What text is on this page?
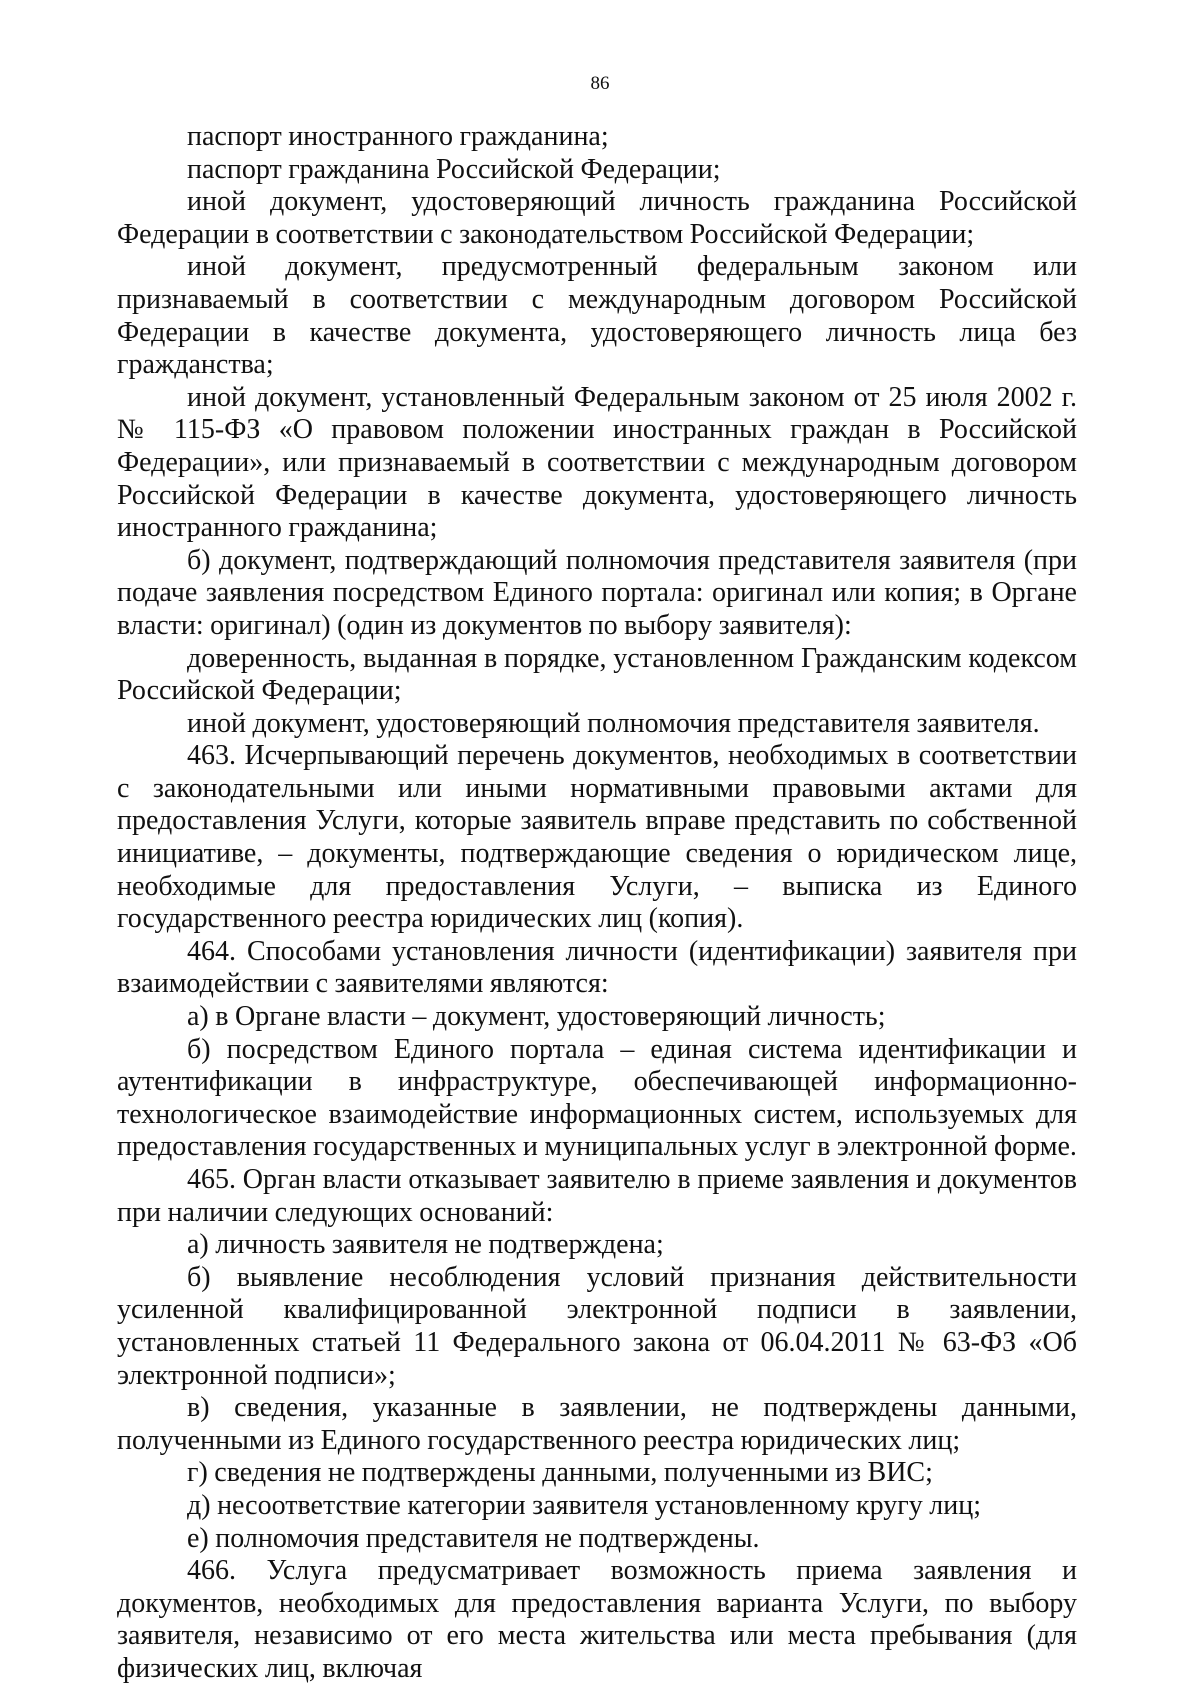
86

паспорт иностранного гражданина;

паспорт гражданина Российской Федерации;

иной документ, удостоверяющий личность гражданина Российской Федерации в соответствии с законодательством Российской Федерации;

иной документ, предусмотренный федеральным законом или признаваемый в соответствии с международным договором Российской Федерации в качестве документа, удостоверяющего личность лица без гражданства;

иной документ, установленный Федеральным законом от 25 июля 2002 г. № 115-ФЗ «О правовом положении иностранных граждан в Российской Федерации», или признаваемый в соответствии с международным договором Российской Федерации в качестве документа, удостоверяющего личность иностранного гражданина;

б) документ, подтверждающий полномочия представителя заявителя (при подаче заявления посредством Единого портала: оригинал или копия; в Органе власти: оригинал) (один из документов по выбору заявителя):

доверенность, выданная в порядке, установленном Гражданским кодексом Российской Федерации;

иной документ, удостоверяющий полномочия представителя заявителя.

463. Исчерпывающий перечень документов, необходимых в соответствии с законодательными или иными нормативными правовыми актами для предоставления Услуги, которые заявитель вправе представить по собственной инициативе, – документы, подтверждающие сведения о юридическом лице, необходимые для предоставления Услуги, – выписка из Единого государственного реестра юридических лиц (копия).

464. Способами установления личности (идентификации) заявителя при взаимодействии с заявителями являются:

а) в Органе власти – документ, удостоверяющий личность;

б) посредством Единого портала – единая система идентификации и аутентификации в инфраструктуре, обеспечивающей информационно-технологическое взаимодействие информационных систем, используемых для предоставления государственных и муниципальных услуг в электронной форме.

465. Орган власти отказывает заявителю в приеме заявления и документов при наличии следующих оснований:

а) личность заявителя не подтверждена;

б) выявление несоблюдения условий признания действительности усиленной квалифицированной электронной подписи в заявлении, установленных статьей 11 Федерального закона от 06.04.2011 № 63-ФЗ «Об электронной подписи»;

в) сведения, указанные в заявлении, не подтверждены данными, полученными из Единого государственного реестра юридических лиц;

г) сведения не подтверждены данными, полученными из ВИС;

д) несоответствие категории заявителя установленному кругу лиц;

е) полномочия представителя не подтверждены.

466. Услуга предусматривает возможность приема заявления и документов, необходимых для предоставления варианта Услуги, по выбору заявителя, независимо от его места жительства или места пребывания (для физических лиц, включая
